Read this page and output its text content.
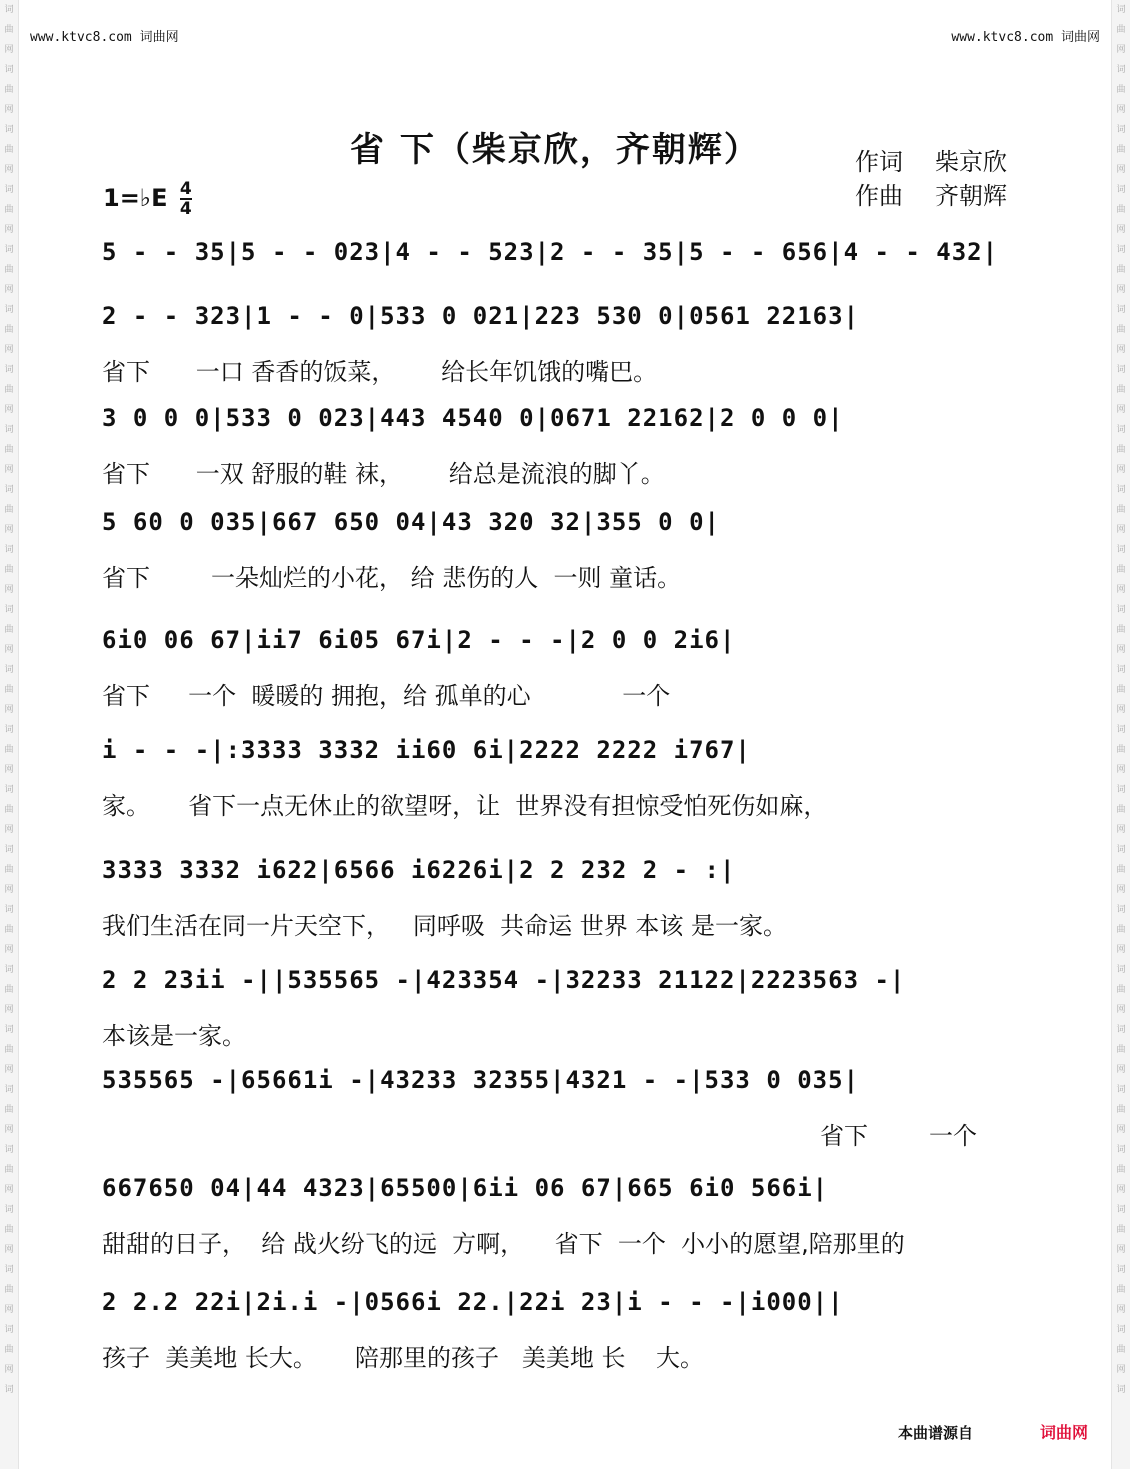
词
曲
网
词
曲
网
词
曲
网
词
曲
网
词
曲
网
词
曲
网
词
曲
网
词
曲
网
词
曲
网
词
曲
网
词
曲
网
词
曲
网
词
曲
网
词
曲
网
词
曲
网
词
曲
网
词
曲
网
词
曲
网
词
曲
网
词
曲
网
词
曲
网
词
曲
网
词
曲
网
词
词
曲
网
词
曲
网
词
曲
网
词
曲
网
词
曲
网
词
曲
网
词
曲
网
词
曲
网
词
曲
网
词
曲
网
词
曲
网
词
曲
网
词
曲
网
词
曲
网
词
曲
网
词
曲
网
词
曲
网
词
曲
网
词
曲
网
词
曲
网
词
曲
网
词
曲
网
词
曲
网
词
www.ktvc8.com 词曲网	www.ktvc8.com 词曲网
省 下（柴京欣，齐朝辉）	作词 柴京欣
作曲 齐朝辉
1=♭E $\frac{4}{4}$
5 - - 35|5 - - 023|4 - - 523|2 - - 35|5 - - 656|4 - - 432|
2 - - 323|1 - - 0|533 0 021|223 530 0|0561 22163|
省下      一口 香香的饭菜，      给长年饥饿的嘴巴。
3 0 0 0|533 0 023|443 4540 0|0671 22162|2 0 0 0|
省下      一双 舒服的鞋 袜，      给总是流浪的脚丫。
5 60 0 035|667 650 04|43 320 32|355 0 0|
省下        一朵灿烂的小花， 给 悲伤的人  一则 童话。
6i0 06 67|ii7 6i05 67i|2 - - -|2 0 0 2i6|
省下     一个  暖暖的 拥抱，给 孤单的心            一个
i - - -|:3333 3332 ii60 6i|2222 2222 i767|
家。     省下一点无休止的欲望呀，让  世界没有担惊受怕死伤如麻，
3333 3332 i622|6566 i6226i|2 2 232 2 - :|
我们生活在同一片天空下，   同呼吸  共命运 世界 本该 是一家。
2 2 23ii -||535565 -|423354 -|32233 21122|2223563 -|
本该是一家。
535565 -|65661i -|43233 32355|4321 - -|533 0 035|
省下        一个
667650 04|44 4323|65500|6ii 06 67|665 6i0 566i|
甜甜的日子，  给 战火纷飞的远  方啊，    省下  一个  小小的愿望,陪那里的
2 2.2 22i|2i.i -|0566i 22.|22i 23|i - - -|i000||
孩子  美美地 长大。     陪那里的孩子   美美地 长    大。
本曲谱源自	词曲网
